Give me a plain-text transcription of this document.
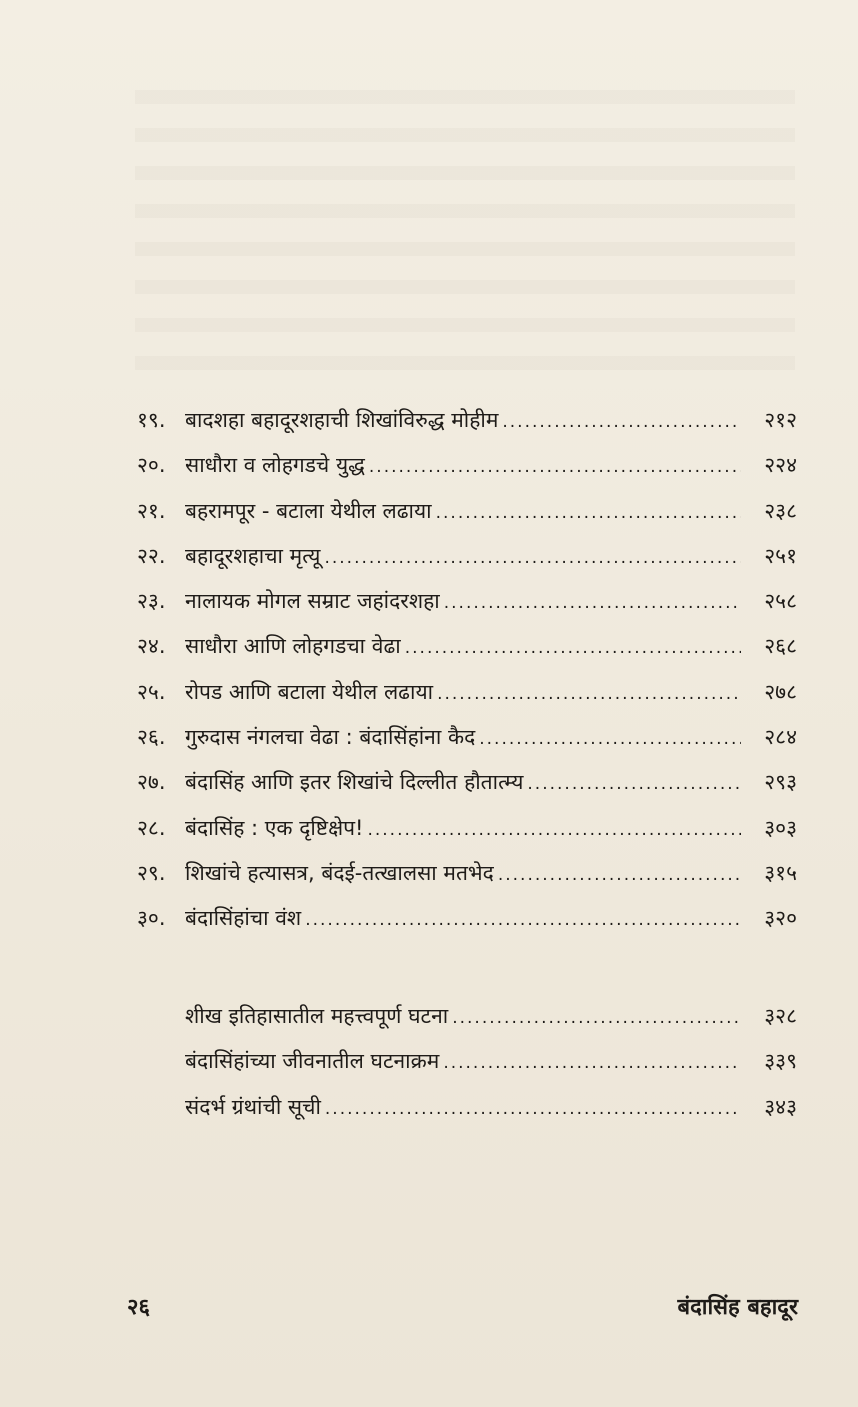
१९. बादशहा बहादूरशहाची शिखांविरुद्ध मोहीम .....	२१२
२०. साधौरा व लोहगडचे युद्ध .....	२२४
२१. बहरामपूर - बटाला येथील लढाया .....	२३८
२२. बहादूरशहाचा मृत्यू .....	२५१
२३. नालायक मोगल सम्राट जहांदरशहा .....	२५८
२४. साधौरा आणि लोहगडचा वेढा .....	२६८
२५. रोपड आणि बटाला येथील लढाया .....	२७८
२६. गुरुदास नंगलचा वेढा : बंदासिंहांना कैद .....	२८४
२७. बंदासिंह आणि इतर शिखांचे दिल्लीत हौतात्म्य .....	२९३
२८. बंदासिंह : एक दृष्टिक्षेप! .....	३०३
२९. शिखांचे हत्यासत्र, बंदई-तत्खालसा मतभेद .....	३१५
३०. बंदासिंहांचा वंश .....	३२०
शीख इतिहासातील महत्त्वपूर्ण घटना .....	३२८
बंदासिंहांच्या जीवनातील घटनाक्रम .....	३३९
संदर्भ ग्रंथांची सूची .....	३४३
२६	बंदासिंह बहादूर
